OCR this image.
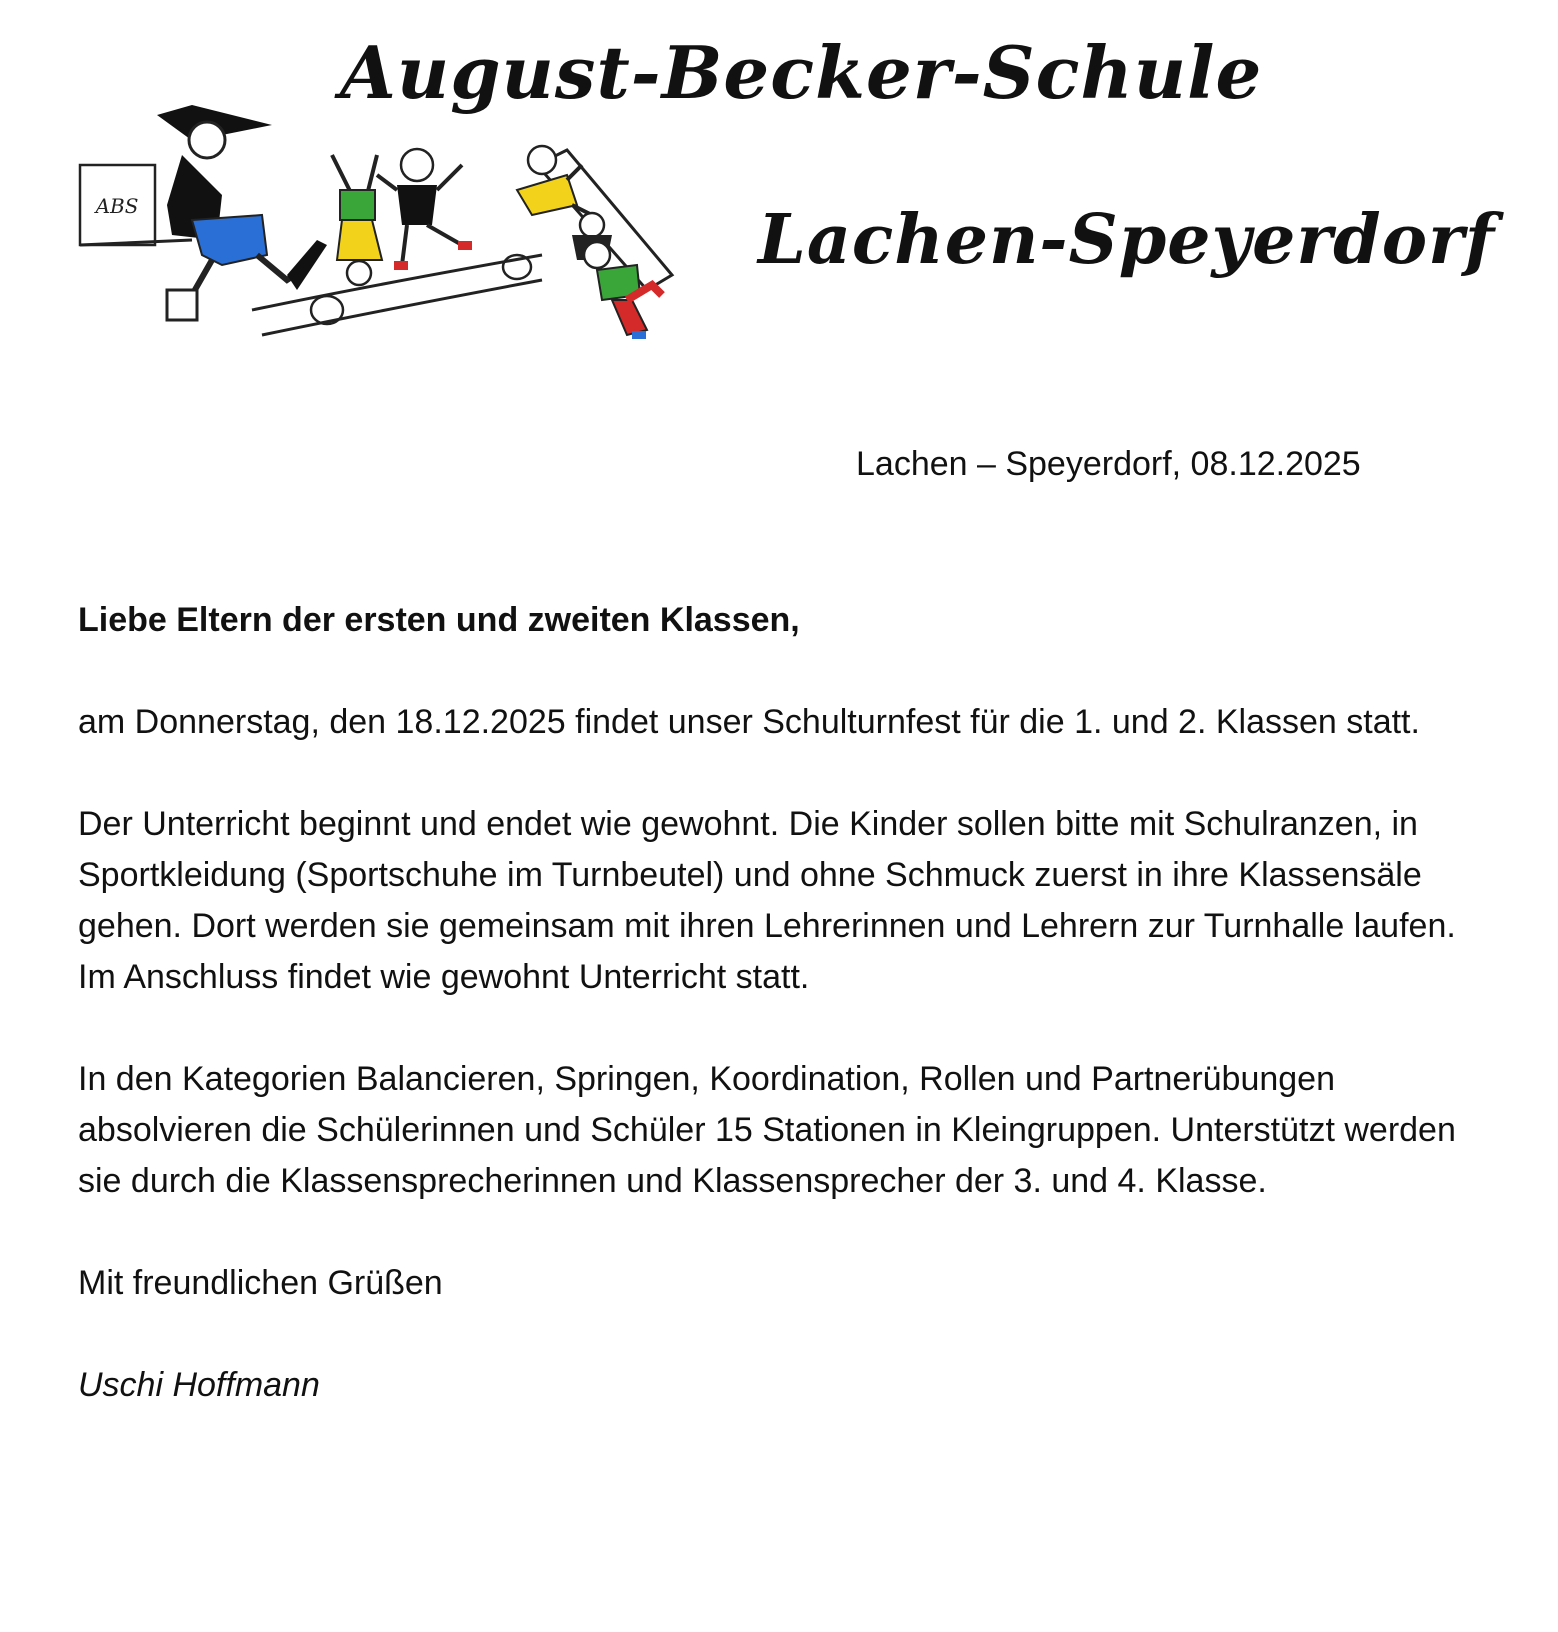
August-Becker-Schule
ABS	Lachen-Speyerdorf
Lachen – Speyerdorf, 08.12.2025

Liebe Eltern der ersten und zweiten Klassen,

am Donnerstag, den 18.12.2025 findet unser Schulturnfest für die 1. und 2. Klassen statt.

Der Unterricht beginnt und endet wie gewohnt. Die Kinder sollen bitte mit Schulranzen, in Sportkleidung (Sportschuhe im Turnbeutel) und ohne Schmuck zuerst in ihre Klassensäle gehen. Dort werden sie gemeinsam mit ihren Lehrerinnen und Lehrern zur Turnhalle laufen. Im Anschluss findet wie gewohnt Unterricht statt.

In den Kategorien Balancieren, Springen, Koordination, Rollen und Partnerübungen absolvieren die Schülerinnen und Schüler 15 Stationen in Kleingruppen. Unterstützt werden sie durch die Klassensprecherinnen und Klassensprecher der 3. und 4. Klasse.

Mit freundlichen Grüßen

Uschi Hoffmann
